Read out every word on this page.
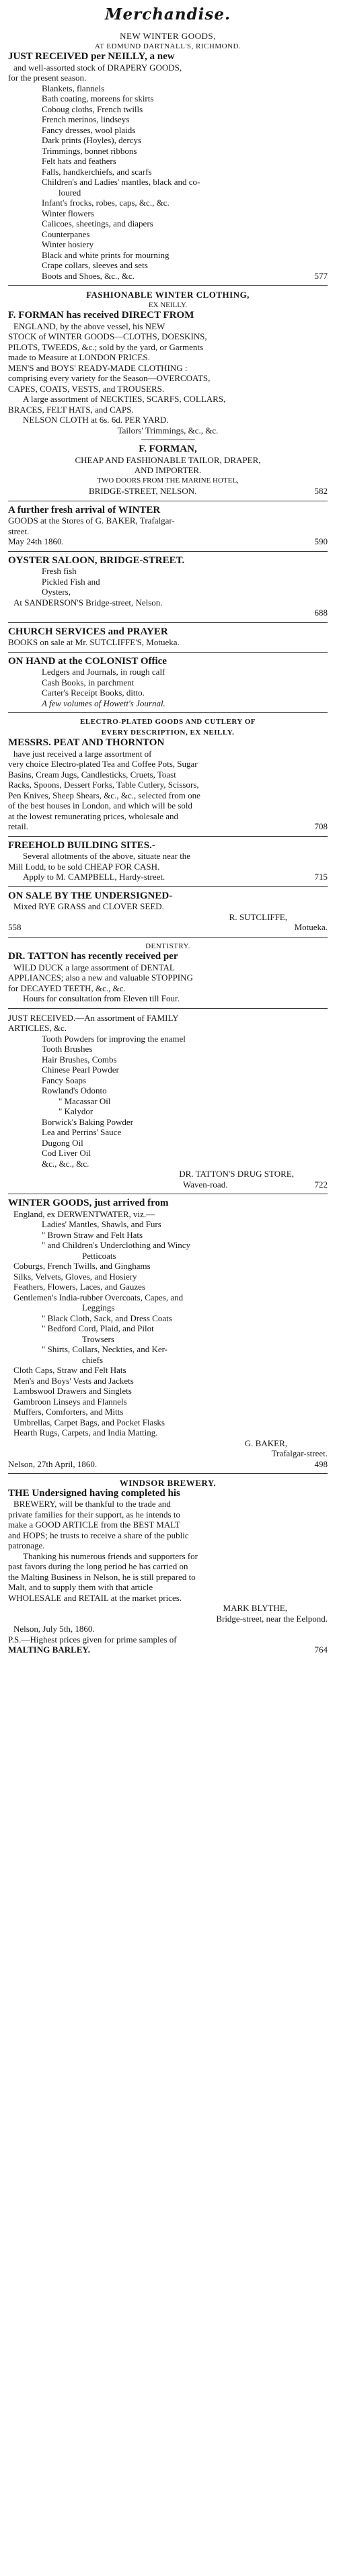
Merchandise.
NEW WINTER GOODS,
AT EDMUND DARTNALL'S, RICHMOND.
JUST RECEIVED per NEILLY, a new
and well-assorted stock of DRAPERY GOODS,
for the present season.
Blankets, flannels
Bath coating, moreens for skirts
Coboug cloths, French twills
French merinos, lindseys
Fancy dresses, wool plaids
Dark prints (Hoyles), dercys
Trimmings, bonnet ribbons
Felt hats and feathers
Falls, handkerchiefs, and scarfs
Children's and Ladies' mantles, black and co-
loured
Infant's frocks, robes, caps, &c., &c.
Winter flowers
Calicoes, sheetings, and diapers
Counterpanes
Winter hosiery
Black and white prints for mourning
Crape collars, sleeves and sets
Boots and Shoes, &c., &c.	577
FASHIONABLE WINTER CLOTHING,
EX NEILLY.
F. FORMAN has received DIRECT FROM
ENGLAND, by the above vessel, his NEW
STOCK of WINTER GOODS—CLOTHS, DOESKINS,
PILOTS, TWEEDS, &c.; sold by the yard, or Garments
made to Measure at LONDON PRICES.
MEN'S and BOYS' READY-MADE CLOTHING :
comprising every variety for the Season—OVERCOATS,
CAPES, COATS, VESTS, and TROUSERS.
A large assortment of NECKTIES, SCARFS, COLLARS,
BRACES, FELT HATS, and CAPS.
NELSON CLOTH at 6s. 6d. PER YARD.
Tailors' Trimmings, &c., &c.
F. FORMAN,
CHEAP AND FASHIONABLE TAILOR, DRAPER,
AND IMPORTER.
TWO DOORS FROM THE MARINE HOTEL,
BRIDGE-STREET, NELSON.	582
A further fresh arrival of WINTER
GOODS at the Stores of G. BAKER, Trafalgar-
street.
May 24th 1860.	590
OYSTER SALOON, BRIDGE-STREET.
Fresh fish
Pickled Fish and
Oysters,
At SANDERSON'S Bridge-street, Nelson.
688
CHURCH SERVICES and PRAYER
BOOKS on sale at Mr. SUTCLIFFE'S, Motueka.
ON HAND at the COLONIST Office
Ledgers and Journals, in rough calf
Cash Books, in parchment
Carter's Receipt Books, ditto.
A few volumes of Howett's Journal.
ELECTRO-PLATED GOODS AND CUTLERY OF
EVERY DESCRIPTION, EX NEILLY.
MESSRS. PEAT AND THORNTON
have just received a large assortment of
very choice Electro-plated Tea and Coffee Pots, Sugar
Basins, Cream Jugs, Candlesticks, Cruets, Toast
Racks, Spoons, Dessert Forks, Table Cutlery, Scissors,
Pen Knives, Sheep Shears, &c., &c., selected from one
of the best houses in London, and which will be sold
at the lowest remunerating prices, wholesale and
retail.	708
FREEHOLD BUILDING SITES.-
Several allotments of the above, situate near the
Mill Lodd, to be sold CHEAP FOR CASH.
Apply to M. CAMPBELL, Hardy-street.	715
ON SALE BY THE UNDERSIGNED-
Mixed RYE GRASS and CLOVER SEED.
R. SUTCLIFFE,
558	Motueka.
DENTISTRY.
DR. TATTON has recently received per
WILD DUCK a large assortment of DENTAL
APPLIANCES; also a new and valuable STOPPING
for DECAYED TEETH, &c., &c.
Hours for consultation from Eleven till Four.
JUST RECEIVED.—An assortment of FAMILY
ARTICLES, &c.
Tooth Powders for improving the enamel
Tooth Brushes
Hair Brushes, Combs
Chinese Pearl Powder
Fancy Soaps
Rowland's Odonto
" Macassar Oil
" Kalydor
Borwick's Baking Powder
Lea and Perrins' Sauce
Dugong Oil
Cod Liver Oil
&c., &c., &c.
DR. TATTON'S DRUG STORE,
Waven-road.	722
WINTER GOODS, just arrived from
England, ex DERWENTWATER, viz.—
Ladies' Mantles, Shawls, and Furs
" Brown Straw and Felt Hats
" and Children's Underclothing and Wincy
Petticoats
Coburgs, French Twills, and Ginghams
Silks, Velvets, Gloves, and Hosiery
Feathers, Flowers, Laces, and Gauzes
Gentlemen's India-rubber Overcoats, Capes, and
Leggings
" Black Cloth, Sack, and Dress Coats
" Bedford Cord, Plaid, and Pilot
Trowsers
" Shirts, Collars, Neckties, and Ker-
chiefs
Cloth Caps, Straw and Felt Hats
Men's and Boys' Vests and Jackets
Lambswool Drawers and Singlets
Gambroon Linseys and Flannels
Muffers, Comforters, and Mitts
Umbrellas, Carpet Bags, and Pocket Flasks
Hearth Rugs, Carpets, and India Matting.
G. BAKER,
Trafalgar-street.
Nelson, 27th April, 1860.	498
WINDSOR BREWERY.
THE Undersigned having completed his
BREWERY, will be thankful to the trade and
private families for their support, as he intends to
make a GOOD ARTICLE from the BEST MALT
and HOPS; he trusts to receive a share of the public
patronage.
Thanking his numerous friends and supporters for
past favors during the long period he has carried on
the Malting Business in Nelson, he is still prepared to
Malt, and to supply them with that article
WHOLESALE and RETAIL at the market prices.
MARK BLYTHE,
Bridge-street, near the Eelpond.
Nelson, July 5th, 1860.
P.S.—Highest prices given for prime samples of
MALTING BARLEY.	764
